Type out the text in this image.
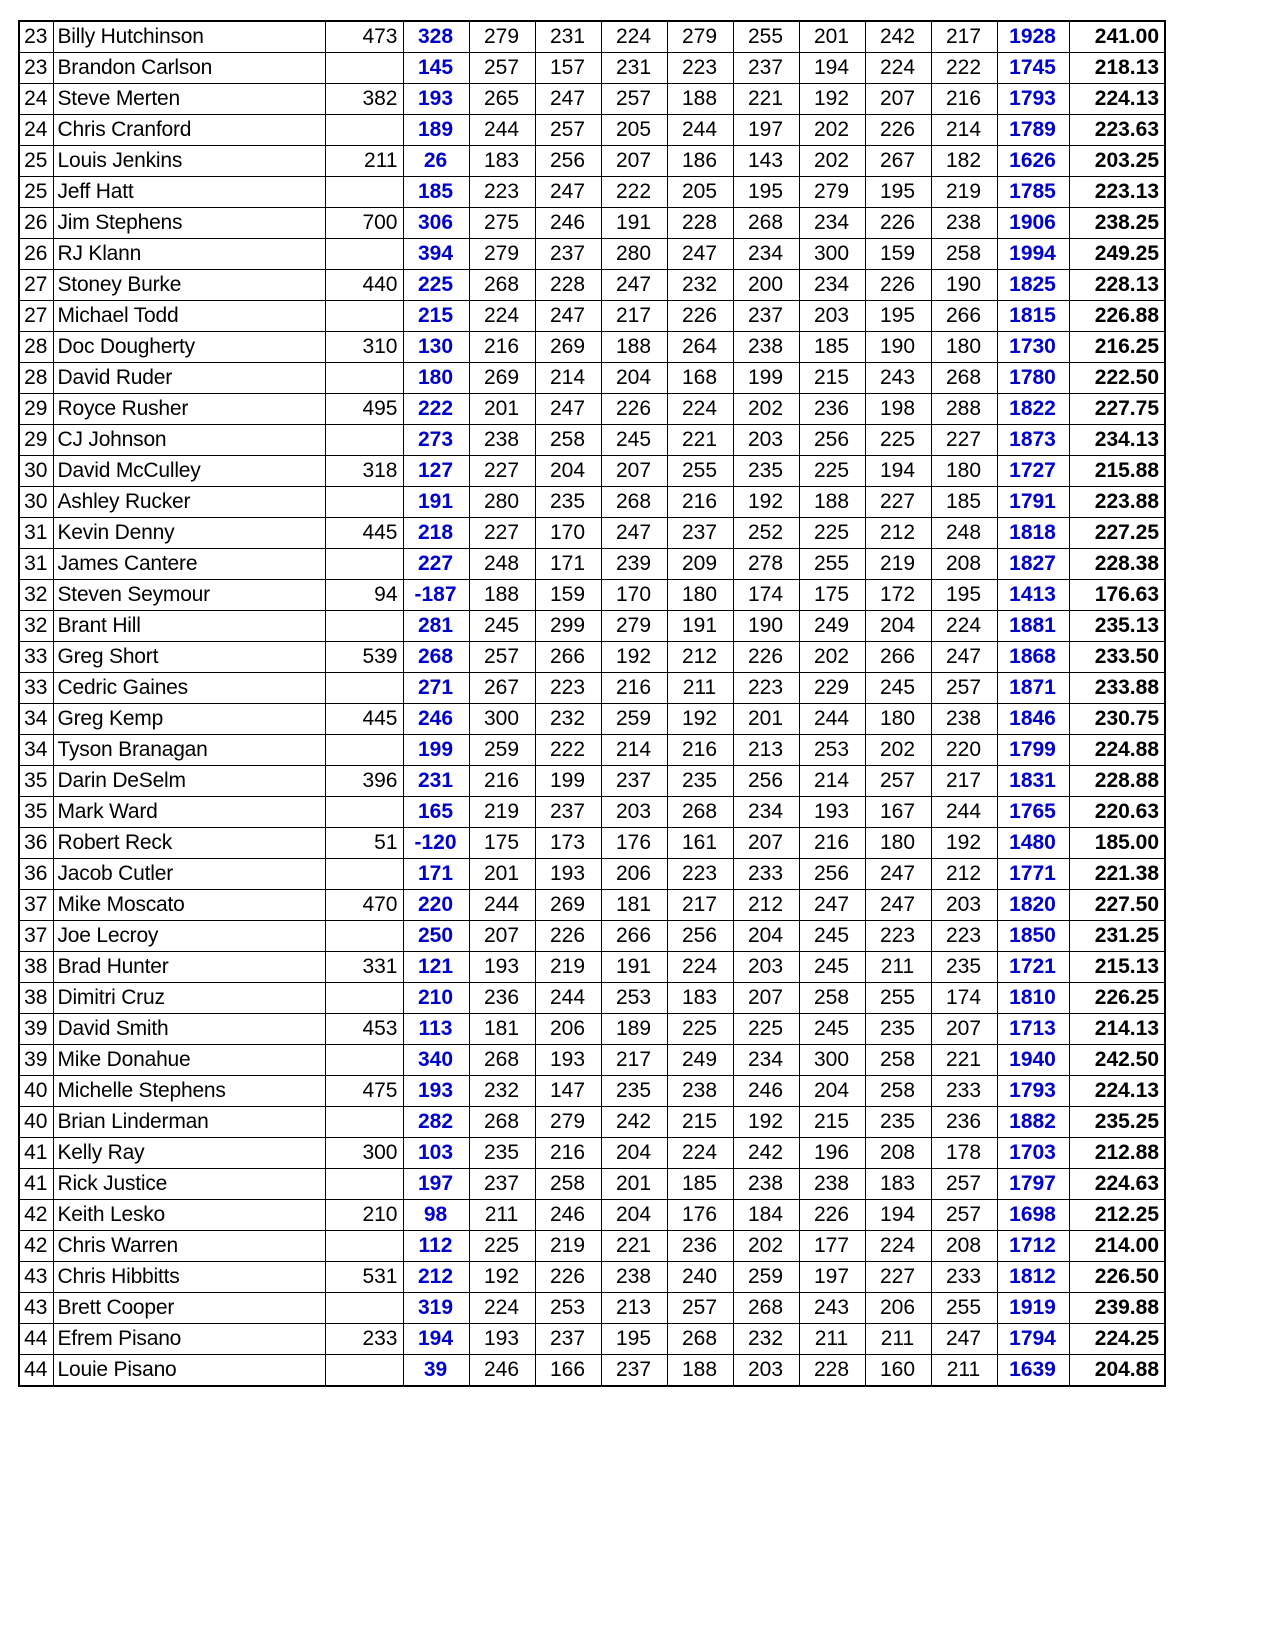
23	Billy Hutchinson	473	328	279	231	224	279	255	201	242	217	1928	241.00
23	Brandon Carlson		145	257	157	231	223	237	194	224	222	1745	218.13
24	Steve Merten	382	193	265	247	257	188	221	192	207	216	1793	224.13
24	Chris Cranford		189	244	257	205	244	197	202	226	214	1789	223.63
25	Louis Jenkins	211	26	183	256	207	186	143	202	267	182	1626	203.25
25	Jeff Hatt		185	223	247	222	205	195	279	195	219	1785	223.13
26	Jim Stephens	700	306	275	246	191	228	268	234	226	238	1906	238.25
26	RJ Klann		394	279	237	280	247	234	300	159	258	1994	249.25
27	Stoney Burke	440	225	268	228	247	232	200	234	226	190	1825	228.13
27	Michael Todd		215	224	247	217	226	237	203	195	266	1815	226.88
28	Doc Dougherty	310	130	216	269	188	264	238	185	190	180	1730	216.25
28	David Ruder		180	269	214	204	168	199	215	243	268	1780	222.50
29	Royce Rusher	495	222	201	247	226	224	202	236	198	288	1822	227.75
29	CJ Johnson		273	238	258	245	221	203	256	225	227	1873	234.13
30	David McCulley	318	127	227	204	207	255	235	225	194	180	1727	215.88
30	Ashley Rucker		191	280	235	268	216	192	188	227	185	1791	223.88
31	Kevin Denny	445	218	227	170	247	237	252	225	212	248	1818	227.25
31	James Cantere		227	248	171	239	209	278	255	219	208	1827	228.38
32	Steven Seymour	94	-187	188	159	170	180	174	175	172	195	1413	176.63
32	Brant Hill		281	245	299	279	191	190	249	204	224	1881	235.13
33	Greg Short	539	268	257	266	192	212	226	202	266	247	1868	233.50
33	Cedric Gaines		271	267	223	216	211	223	229	245	257	1871	233.88
34	Greg Kemp	445	246	300	232	259	192	201	244	180	238	1846	230.75
34	Tyson Branagan		199	259	222	214	216	213	253	202	220	1799	224.88
35	Darin DeSelm	396	231	216	199	237	235	256	214	257	217	1831	228.88
35	Mark Ward		165	219	237	203	268	234	193	167	244	1765	220.63
36	Robert Reck	51	-120	175	173	176	161	207	216	180	192	1480	185.00
36	Jacob Cutler		171	201	193	206	223	233	256	247	212	1771	221.38
37	Mike Moscato	470	220	244	269	181	217	212	247	247	203	1820	227.50
37	Joe Lecroy		250	207	226	266	256	204	245	223	223	1850	231.25
38	Brad Hunter	331	121	193	219	191	224	203	245	211	235	1721	215.13
38	Dimitri Cruz		210	236	244	253	183	207	258	255	174	1810	226.25
39	David Smith	453	113	181	206	189	225	225	245	235	207	1713	214.13
39	Mike Donahue		340	268	193	217	249	234	300	258	221	1940	242.50
40	Michelle Stephens	475	193	232	147	235	238	246	204	258	233	1793	224.13
40	Brian Linderman		282	268	279	242	215	192	215	235	236	1882	235.25
41	Kelly Ray	300	103	235	216	204	224	242	196	208	178	1703	212.88
41	Rick Justice		197	237	258	201	185	238	238	183	257	1797	224.63
42	Keith Lesko	210	98	211	246	204	176	184	226	194	257	1698	212.25
42	Chris Warren		112	225	219	221	236	202	177	224	208	1712	214.00
43	Chris Hibbitts	531	212	192	226	238	240	259	197	227	233	1812	226.50
43	Brett Cooper		319	224	253	213	257	268	243	206	255	1919	239.88
44	Efrem Pisano	233	194	193	237	195	268	232	211	211	247	1794	224.25
44	Louie Pisano		39	246	166	237	188	203	228	160	211	1639	204.88
